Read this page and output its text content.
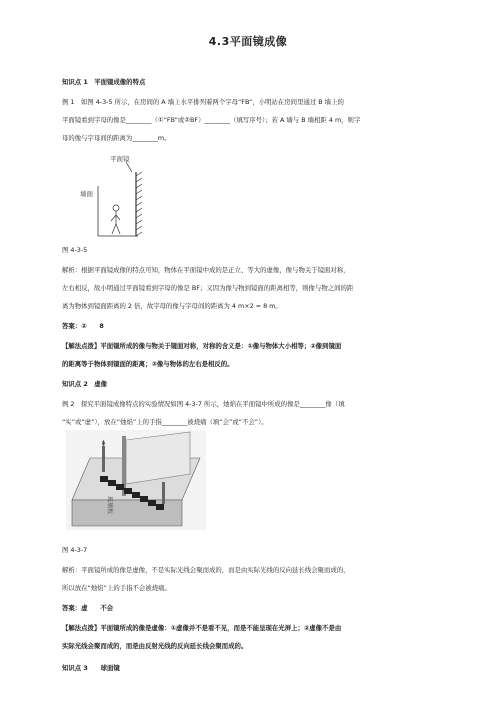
4.3平面镜成像
知识点 1　平面镜成像的特点
例 1　如图 4-3-5 所示，在房间的 A 墙上水平排列着两个字母“FB”，小明站在房间里通过 B 墙上的
平面镜看到字母的像是________（①“FB”或②BF）________（填写序号）；若 A 墙与 B 墙相距 4 m，则字
母的像与字母间的距离为________m。
平面镜
墙面
图 4-3-5
解析：根据平面镜成像的特点可知，物体在平面镜中成的是正立、等大的虚像，像与物关于镜面对称，
左右相反，故小明通过平面镜看到字母的像是 BF；又因为像与物到镜面的距离相等，则像与物之间的距
离为物体到镜面距离的 2 倍，故字母的像与字母间的距离为 4 m×2 = 8 m。
答案：②　　8
【解法点拨】平面镜所成的像与物关于镜面对称，对称的含义是：①像与物体大小相等；②像到镜面
的距离等于物体到镜面的距离；③像与物体的左右是相反的。
知识点 2　虚像
例 2　探究平面镜成像特点的实验情况如图 4-3-7 所示，烛焰在平面镜中所成的像是________像（填
“实”或“虚”），放在“烛焰”上的手指________被烧痛（填“会”或“不会”）。
玻璃板
图 4-3-7
解析：平面镜所成的像是虚像，不是实际光线会聚而成的，而是由实际光线的反向延长线会聚而成的，
所以放在“烛焰”上的手指不会被烧痛。
答案：虚　　不会
【解法点拨】平面镜所成的像是虚像：①虚像并不是看不见，而是不能呈现在光屏上；②虚像不是由
实际光线会聚而成的，而是由反射光线的反向延长线会聚而成的。
知识点 3　　球面镜
